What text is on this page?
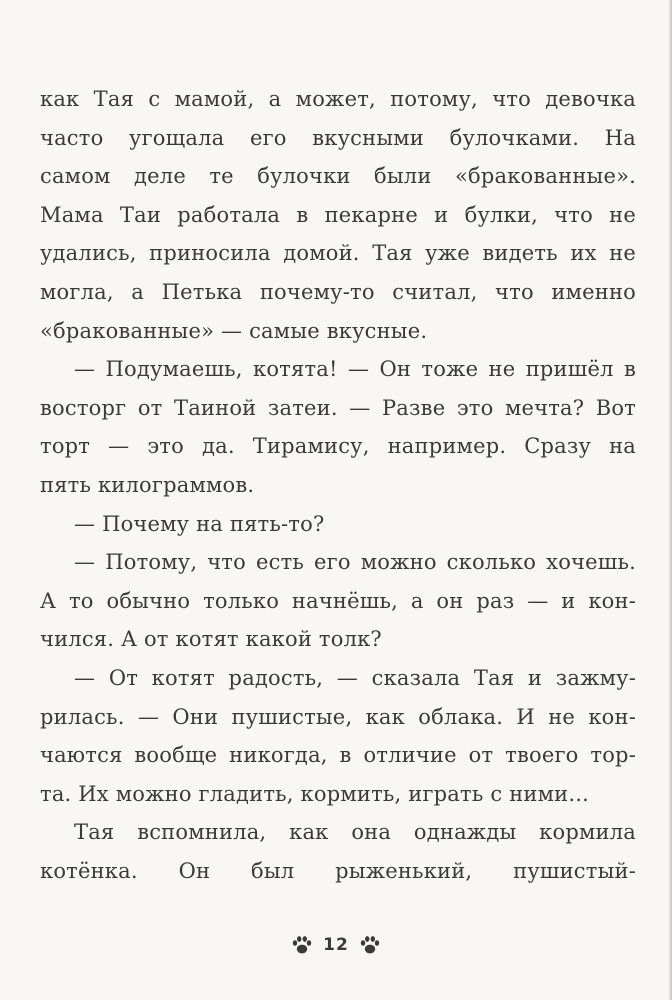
как Тая с мамой, а может, потому, что девочка
часто угощала его вкусными булочками. На
самом деле те булочки были «бракованные».
Мама Таи работала в пекарне и булки, что не
удались, приносила домой. Тая уже видеть их не
могла, а Петька почему-то считал, что именно
«бракованные» — самые вкусные.
— Подумаешь, котята! — Он тоже не пришёл в
восторг от Таиной затеи. — Разве это мечта? Вот
торт — это да. Тирамису, например. Сразу на
пять килограммов.
— Почему на пять-то?
— Потому, что есть его можно сколько хочешь.
А то обычно только начнёшь, а он раз — и кон-
чился. А от котят какой толк?
— От котят радость, — сказала Тая и зажму-
рилась. — Они пушистые, как облака. И не кон-
чаются вообще никогда, в отличие от твоего тор-
та. Их можно гладить, кормить, играть с ними...
Тая вспомнила, как она однажды кормила
котёнка. Он был рыженький, пушистый-
12
